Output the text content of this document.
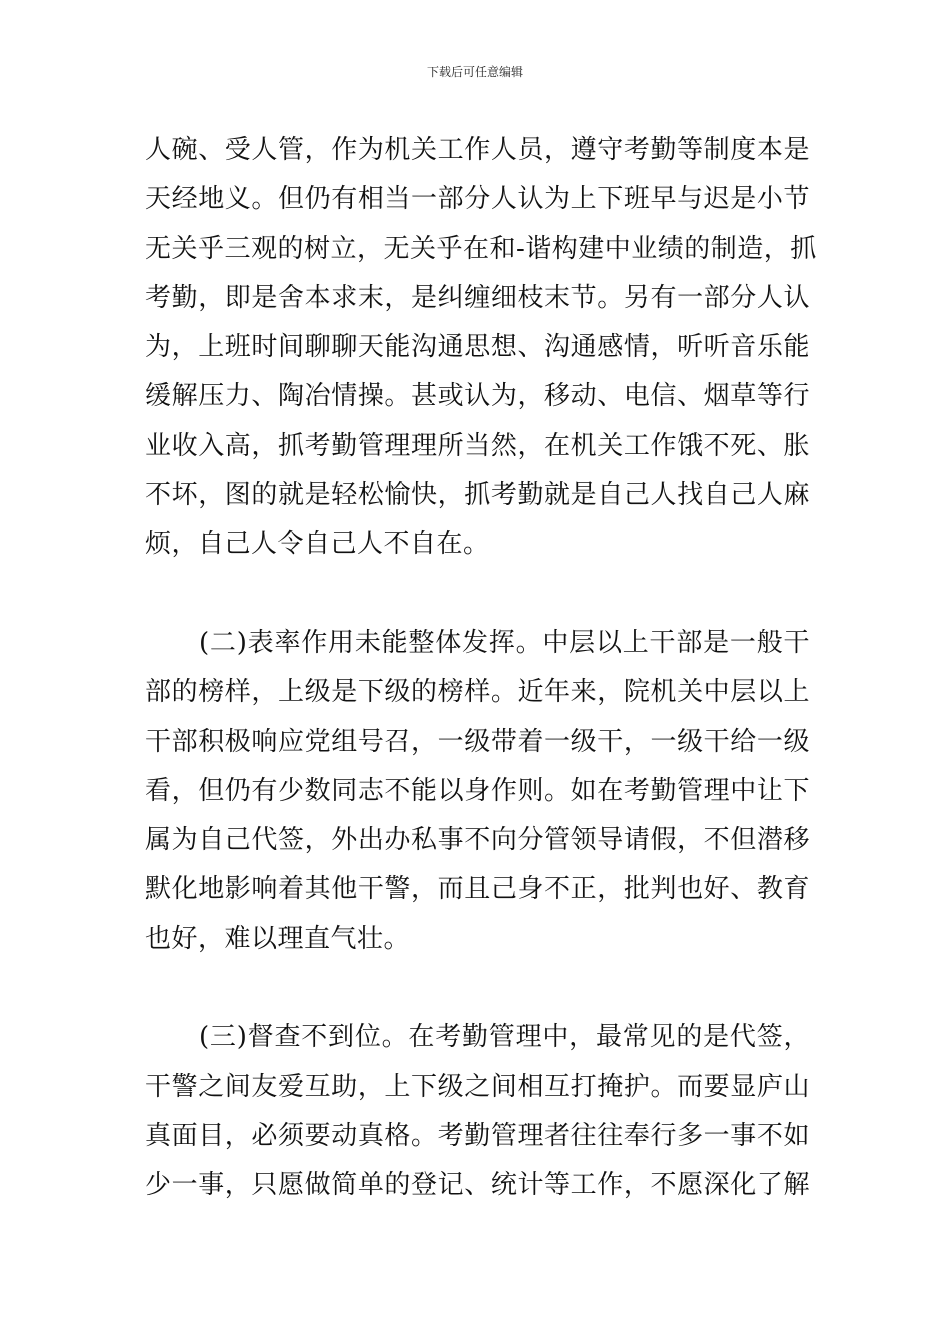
下载后可任意编辑
人碗、受人管，作为机关工作人员，遵守考勤等制度本是
天经地义。但仍有相当一部分人认为上下班早与迟是小节
无关乎三观的树立，无关乎在和-谐构建中业绩的制造，抓
考勤，即是舍本求末，是纠缠细枝末节。另有一部分人认
为，上班时间聊聊天能沟通思想、沟通感情，听听音乐能
缓解压力、陶冶情操。甚或认为，移动、电信、烟草等行
业收入高，抓考勤管理理所当然，在机关工作饿不死、胀
不坏，图的就是轻松愉快，抓考勤就是自己人找自己人麻
烦，自己人令自己人不自在。
(二)表率作用未能整体发挥。中层以上干部是一般干
部的榜样，上级是下级的榜样。近年来，院机关中层以上
干部积极响应党组号召，一级带着一级干，一级干给一级
看，但仍有少数同志不能以身作则。如在考勤管理中让下
属为自己代签，外出办私事不向分管领导请假，不但潜移
默化地影响着其他干警，而且己身不正，批判也好、教育
也好，难以理直气壮。
(三)督查不到位。在考勤管理中，最常见的是代签，
干警之间友爱互助，上下级之间相互打掩护。而要显庐山
真面目，必须要动真格。考勤管理者往往奉行多一事不如
少一事，只愿做简单的登记、统计等工作，不愿深化了解
